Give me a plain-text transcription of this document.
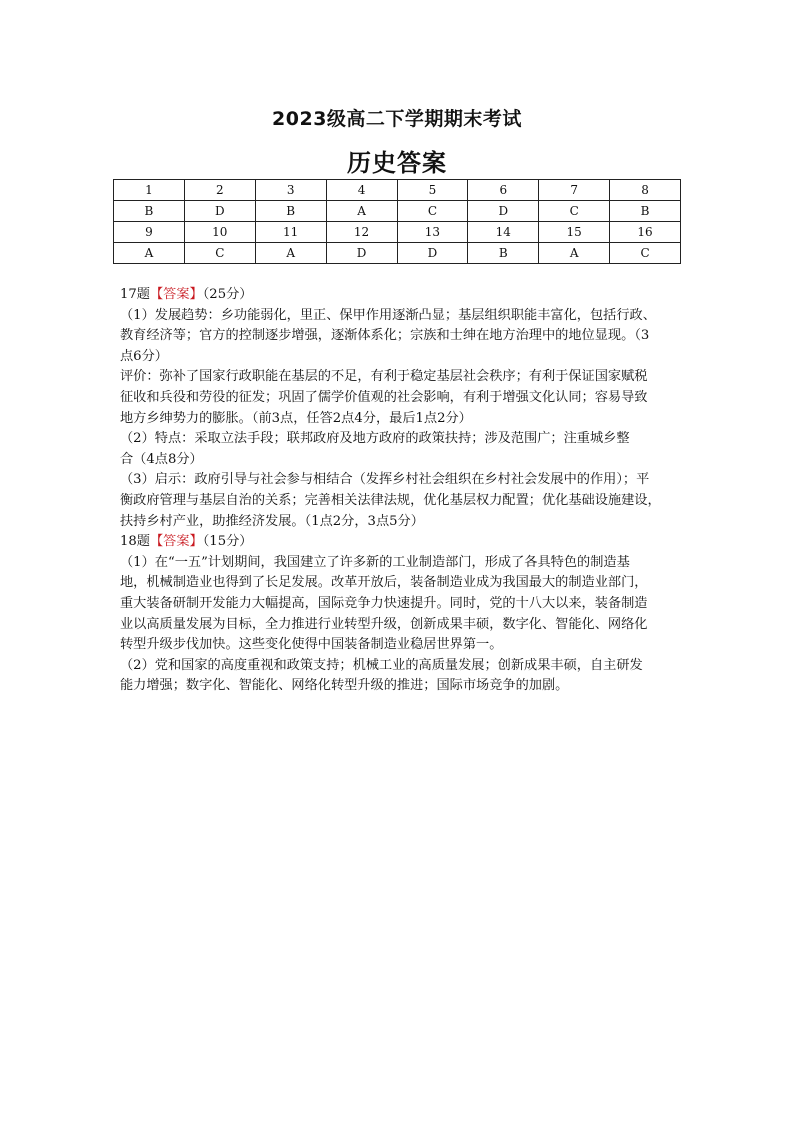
2023级高二下学期期末考试
历史答案
1	2	3	4	5	6	7	8
B	D	B	A	C	D	C	B
9	10	11	12	13	14	15	16
A	C	A	D	D	B	A	C

17题【答案】（25分）

（1）发展趋势：乡功能弱化，里正、保甲作用逐渐凸显；基层组织职能丰富化，包括行政、

教育经济等；官方的控制逐步增强，逐渐体系化；宗族和士绅在地方治理中的地位显现。（3

点6分）

评价：弥补了国家行政职能在基层的不足，有利于稳定基层社会秩序；有利于保证国家赋税

征收和兵役和劳役的征发；巩固了儒学价值观的社会影响，有利于增强文化认同；容易导致

地方乡绅势力的膨胀。（前3点，任答2点4分，最后1点2分）

（2）特点：采取立法手段；联邦政府及地方政府的政策扶持；涉及范围广；注重城乡整

合（4点8分）

（3）启示：政府引导与社会参与相结合（发挥乡村社会组织在乡村社会发展中的作用）；平

衡政府管理与基层自治的关系；完善相关法律法规，优化基层权力配置；优化基础设施建设，

扶持乡村产业，助推经济发展。（1点2分，3点5分）

18题【答案】（15分）

（1）在“一五”计划期间，我国建立了许多新的工业制造部门，形成了各具特色的制造基

地，机械制造业也得到了长足发展。改革开放后，装备制造业成为我国最大的制造业部门，

重大装备研制开发能力大幅提高，国际竞争力快速提升。同时，党的十八大以来，装备制造

业以高质量发展为目标，全力推进行业转型升级，创新成果丰硕，数字化、智能化、网络化

转型升级步伐加快。这些变化使得中国装备制造业稳居世界第一。

（2）党和国家的高度重视和政策支持；机械工业的高质量发展；创新成果丰硕，自主研发

能力增强；数字化、智能化、网络化转型升级的推进；国际市场竞争的加剧。
